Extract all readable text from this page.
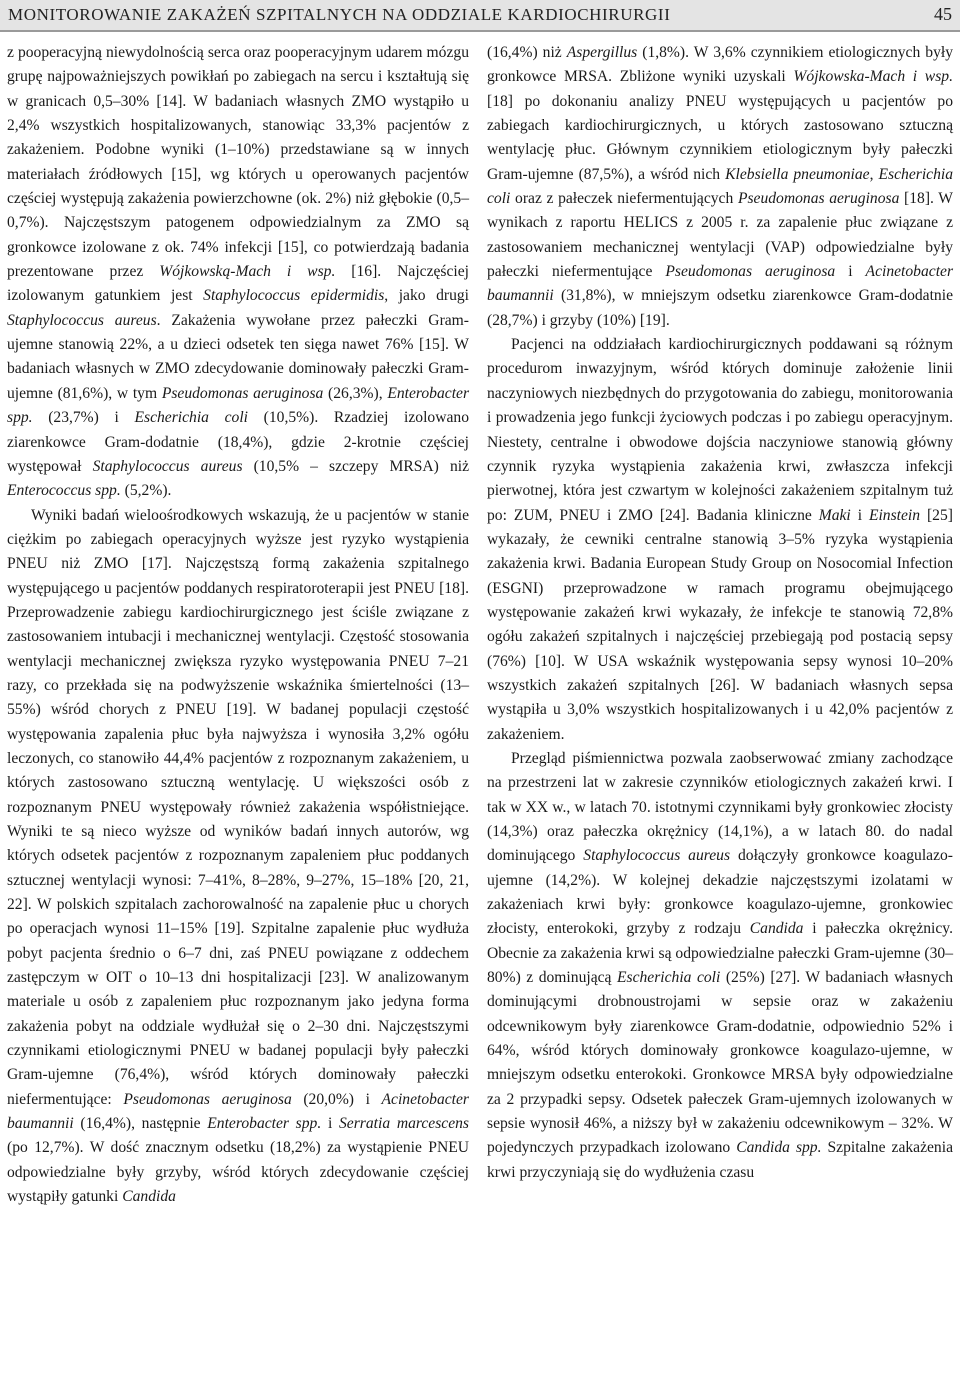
MONITOROWANIE ZAKAŻEŃ SZPITALNYCH NA ODDZIALE KARDIOCHIRURGII	45

z pooperacyjną niewydolnością serca oraz pooperacyjnym udarem mózgu grupę najpoważniejszych powikłań po zabiegach na sercu i kształtują się w granicach 0,5–30% [14]. W badaniach własnych ZMO wystąpiło u 2,4% wszystkich hospitalizowanych, stanowiąc 33,3% pacjentów z zakażeniem. Podobne wyniki (1–10%) przedstawiane są w innych materiałach źródłowych [15], wg których u operowanych pacjentów częściej występują zakażenia powierzchowne (ok. 2%) niż głębokie (0,5–0,7%). Najczęstszym patogenem odpowiedzialnym za ZMO są gronkowce izolowane z ok. 74% infekcji [15], co potwierdzają badania prezentowane przez Wójkowską-Mach i wsp. [16]. Najczęściej izolowanym gatunkiem jest Staphylococcus epidermidis, jako drugi Staphylococcus aureus. Zakażenia wywołane przez pałeczki Gram-ujemne stanowią 22%, a u dzieci odsetek ten sięga nawet 76% [15]. W badaniach własnych w ZMO zdecydowanie dominowały pałeczki Gram-ujemne (81,6%), w tym Pseudomonas aeruginosa (26,3%), Enterobacter spp. (23,7%) i Escherichia coli (10,5%). Rzadziej izolowano ziarenkowce Gram-dodatnie (18,4%), gdzie 2-krotnie częściej występował Staphylococcus aureus (10,5% – szczepy MRSA) niż Enterococcus spp. (5,2%).

Wyniki badań wieloośrodkowych wskazują, że u pacjentów w stanie ciężkim po zabiegach operacyjnych wyższe jest ryzyko wystąpienia PNEU niż ZMO [17]. Najczęstszą formą zakażenia szpitalnego występującego u pacjentów poddanych respiratoroterapii jest PNEU [18]. Przeprowadzenie zabiegu kardiochirurgicznego jest ściśle związane z zastosowaniem intubacji i mechanicznej wentylacji. Częstość stosowania wentylacji mechanicznej zwiększa ryzyko występowania PNEU 7–21 razy, co przekłada się na podwyższenie wskaźnika śmiertelności (13–55%) wśród chorych z PNEU [19]. W badanej populacji częstość występowania zapalenia płuc była najwyższa i wynosiła 3,2% ogółu leczonych, co stanowiło 44,4% pacjentów z rozpoznanym zakażeniem, u których zastosowano sztuczną wentylację. U większości osób z rozpoznanym PNEU występowały również zakażenia współistniejące. Wyniki te są nieco wyższe od wyników badań innych autorów, wg których odsetek pacjentów z rozpoznanym zapaleniem płuc poddanych sztucznej wentylacji wynosi: 7–41%, 8–28%, 9–27%, 15–18% [20, 21, 22]. W polskich szpitalach zachorowalność na zapalenie płuc u chorych po operacjach wynosi 11–15% [19]. Szpitalne zapalenie płuc wydłuża pobyt pacjenta średnio o 6–7 dni, zaś PNEU powiązane z oddechem zastępczym w OIT o 10–13 dni hospitalizacji [23]. W analizowanym materiale u osób z zapaleniem płuc rozpoznanym jako jedyna forma zakażenia pobyt na oddziale wydłużał się o 2–30 dni. Najczęstszymi czynnikami etiologicznymi PNEU w badanej populacji były pałeczki Gram-ujemne (76,4%), wśród których dominowały pałeczki niefermentujące: Pseudomonas aeruginosa (20,0%) i Acinetobacter baumannii (16,4%), następnie Enterobacter spp. i Serratia marcescens (po 12,7%). W dość znacznym odsetku (18,2%) za wystąpienie PNEU odpowiedzialne były grzyby, wśród których zdecydowanie częściej wystąpiły gatunki Candida

(16,4%) niż Aspergillus (1,8%). W 3,6% czynnikiem etiologicznych były gronkowce MRSA. Zbliżone wyniki uzyskali Wójkowska-Mach i wsp. [18] po dokonaniu analizy PNEU występujących u pacjentów po zabiegach kardiochirurgicznych, u których zastosowano sztuczną wentylację płuc. Głównym czynnikiem etiologicznym były pałeczki Gram-ujemne (87,5%), a wśród nich Klebsiella pneumoniae, Escherichia coli oraz z pałeczek niefermentujących Pseudomonas aeruginosa [18]. W wynikach z raportu HELICS z 2005 r. za zapalenie płuc związane z zastosowaniem mechanicznej wentylacji (VAP) odpowiedzialne były pałeczki niefermentujące Pseudomonas aeruginosa i Acinetobacter baumannii (31,8%), w mniejszym odsetku ziarenkowce Gram-dodatnie (28,7%) i grzyby (10%) [19].

Pacjenci na oddziałach kardiochirurgicznych poddawani są różnym procedurom inwazyjnym, wśród których dominuje założenie linii naczyniowych niezbędnych do przygotowania do zabiegu, monitorowania i prowadzenia jego funkcji życiowych podczas i po zabiegu operacyjnym. Niestety, centralne i obwodowe dojścia naczyniowe stanowią główny czynnik ryzyka wystąpienia zakażenia krwi, zwłaszcza infekcji pierwotnej, która jest czwartym w kolejności zakażeniem szpitalnym tuż po: ZUM, PNEU i ZMO [24]. Badania kliniczne Maki i Einstein [25] wykazały, że cewniki centralne stanowią 3–5% ryzyka wystąpienia zakażenia krwi. Badania European Study Group on Nosocomial Infection (ESGNI) przeprowadzone w ramach programu obejmującego występowanie zakażeń krwi wykazały, że infekcje te stanowią 72,8% ogółu zakażeń szpitalnych i najczęściej przebiegają pod postacią sepsy (76%) [10]. W USA wskaźnik występowania sepsy wynosi 10–20% wszystkich zakażeń szpitalnych [26]. W badaniach własnych sepsa wystąpiła u 3,0% wszystkich hospitalizowanych i u 42,0% pacjentów z zakażeniem.

Przegląd piśmiennictwa pozwala zaobserwować zmiany zachodzące na przestrzeni lat w zakresie czynników etiologicznych zakażeń krwi. I tak w XX w., w latach 70. istotnymi czynnikami były gronkowiec złocisty (14,3%) oraz pałeczka okrężnicy (14,1%), a w latach 80. do nadal dominującego Staphylococcus aureus dołączyły gronkowce koagulazo-ujemne (14,2%). W kolejnej dekadzie najczęstszymi izolatami w zakażeniach krwi były: gronkowce koagulazo-ujemne, gronkowiec złocisty, enterokoki, grzyby z rodzaju Candida i pałeczka okrężnicy. Obecnie za zakażenia krwi są odpowiedzialne pałeczki Gram-ujemne (30–80%) z dominującą Escherichia coli (25%) [27]. W badaniach własnych dominującymi drobnoustrojami w sepsie oraz w zakażeniu odcewnikowym były ziarenkowce Gram-dodatnie, odpowiednio 52% i 64%, wśród których dominowały gronkowce koagulazo-ujemne, w mniejszym odsetku enterokoki. Gronkowce MRSA były odpowiedzialne za 2 przypadki sepsy. Odsetek pałeczek Gram-ujemnych izolowanych w sepsie wynosił 46%, a niższy był w zakażeniu odcewnikowym – 32%. W pojedynczych przypadkach izolowano Candida spp. Szpitalne zakażenia krwi przyczyniają się do wydłużenia czasu
